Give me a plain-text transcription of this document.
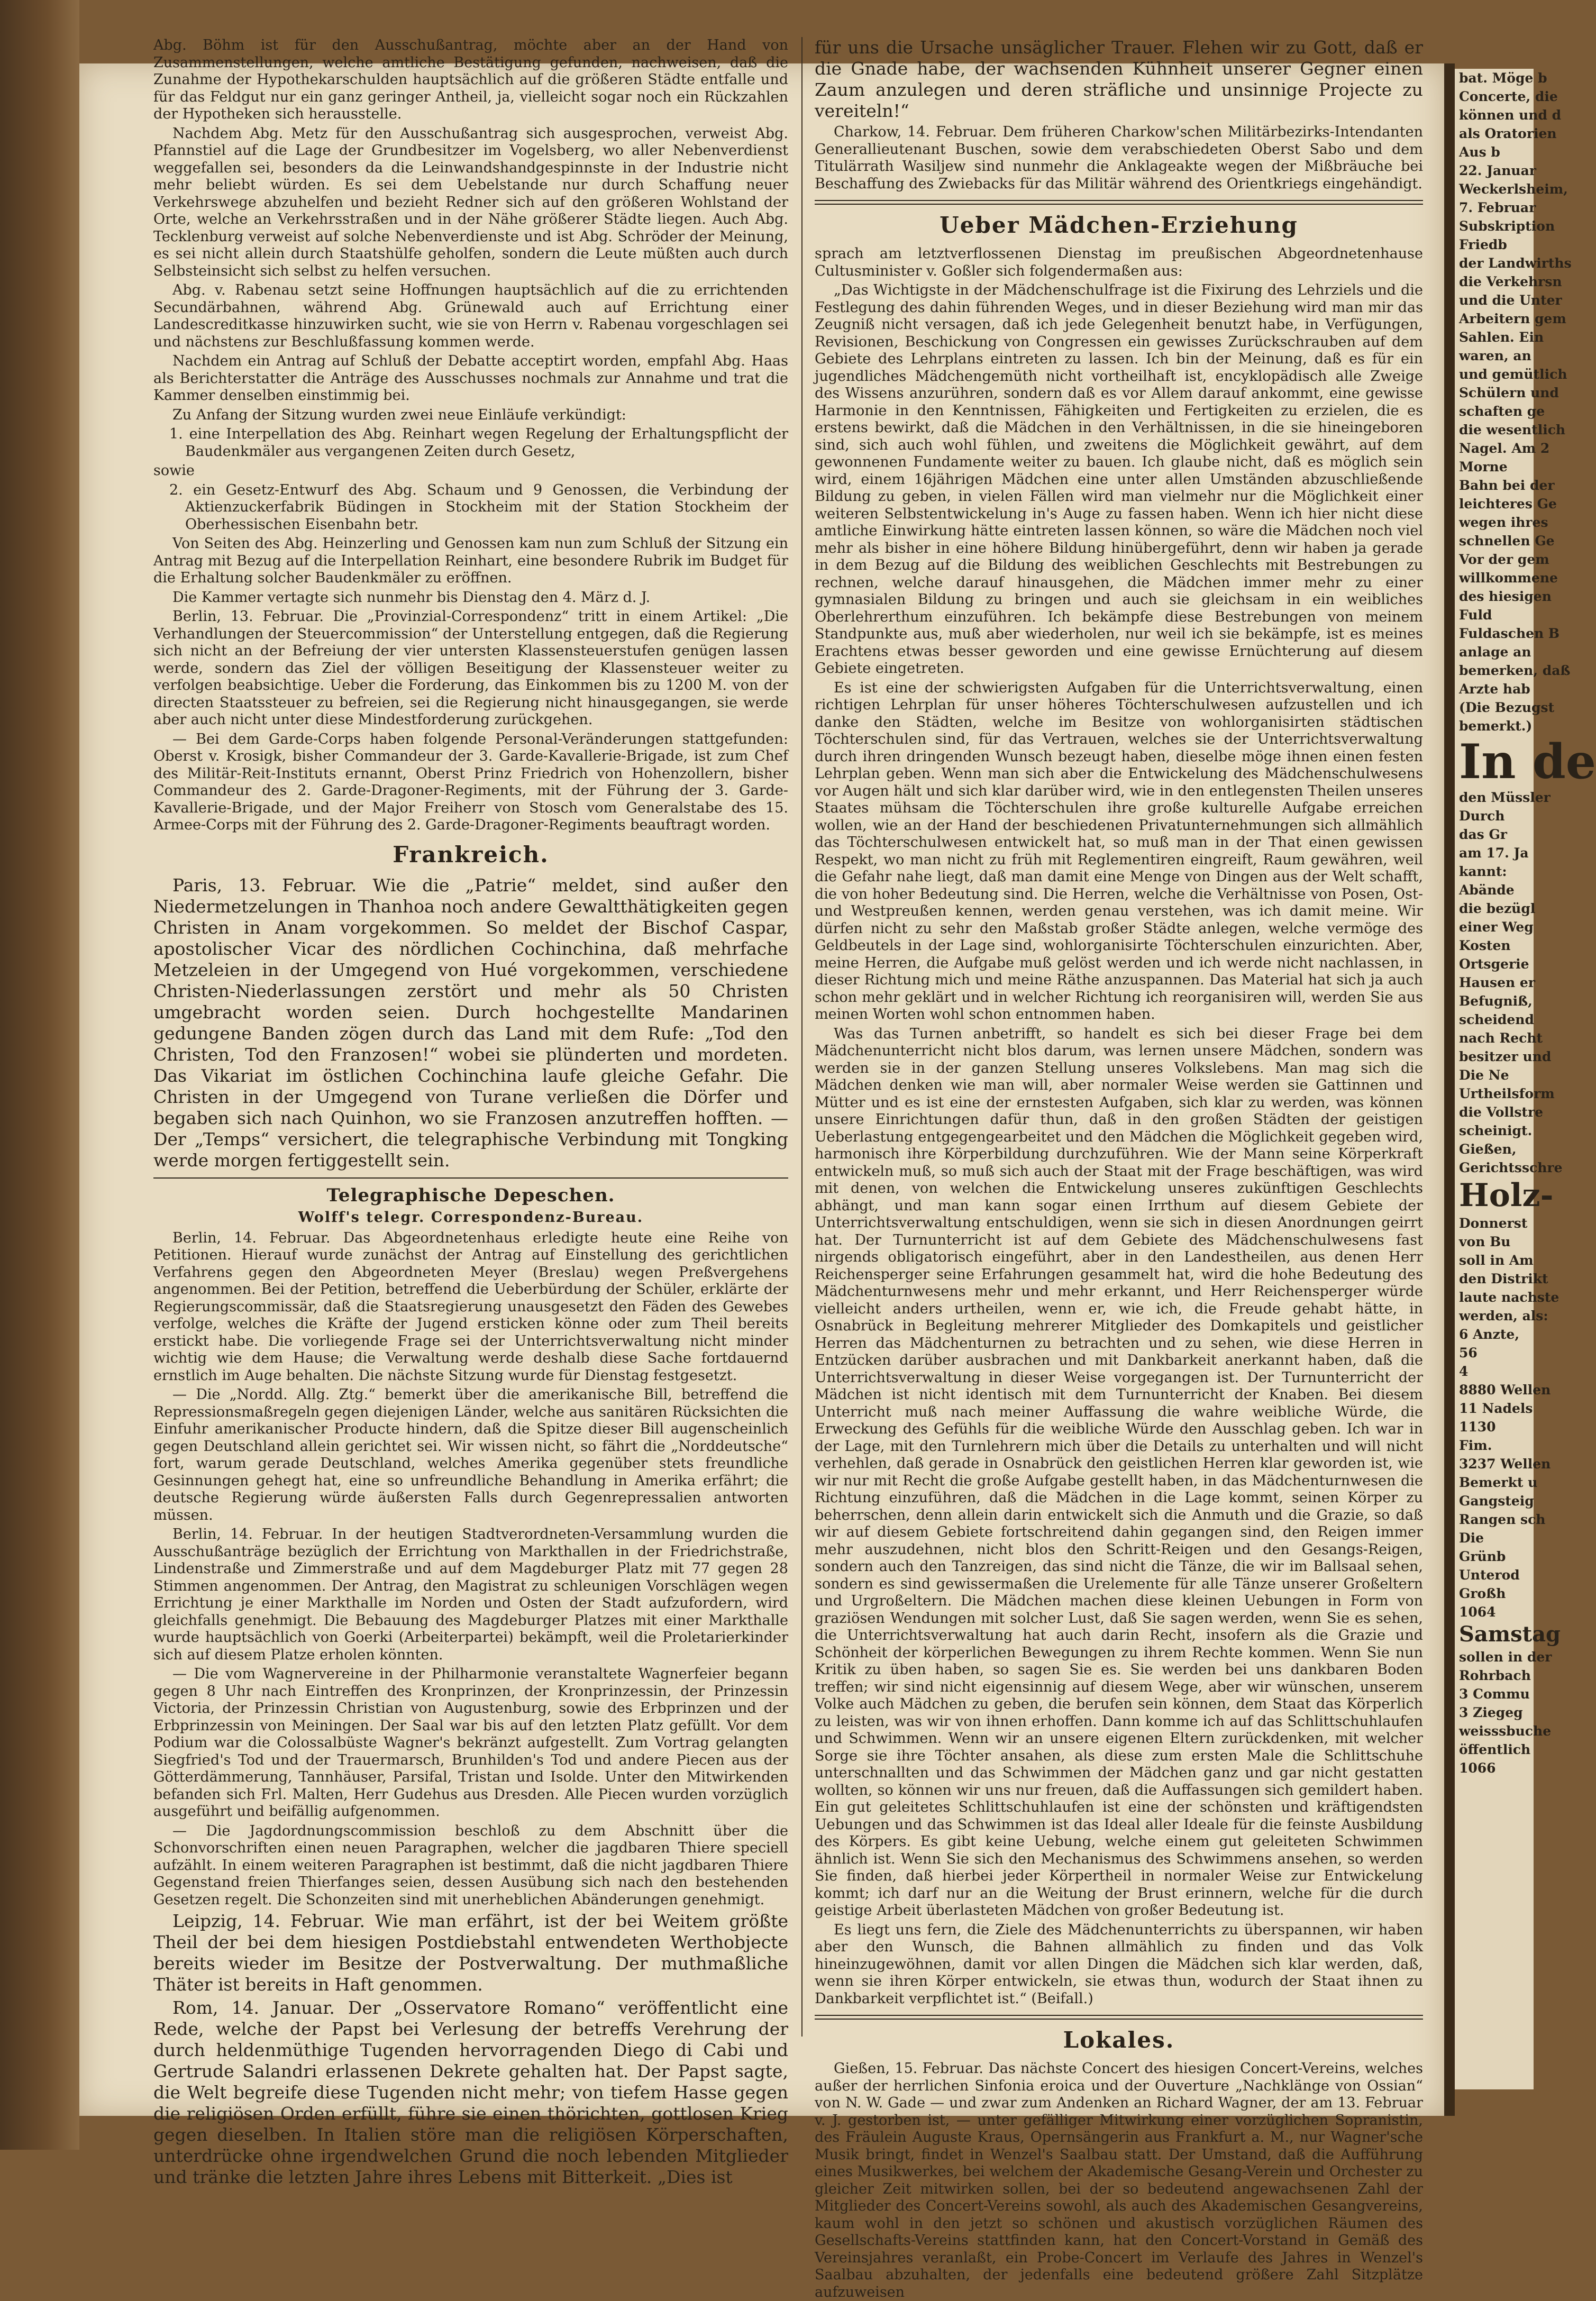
Abg. Böhm ist für den Ausschußantrag, möchte aber an der Hand von Zusammenstellungen, welche amtliche Bestätigung gefunden, nachweisen, daß die Zunahme der Hypothekarschulden hauptsächlich auf die größeren Städte entfalle und für das Feldgut nur ein ganz geringer Antheil, ja, vielleicht sogar noch ein Rückzahlen der Hypotheken sich herausstelle.

Nachdem Abg. Metz für den Ausschußantrag sich ausgesprochen, verweist Abg. Pfannstiel auf die Lage der Grundbesitzer im Vogelsberg, wo aller Nebenverdienst weggefallen sei, besonders da die Leinwandshandgespinnste in der Industrie nicht mehr beliebt würden. Es sei dem Uebelstande nur durch Schaffung neuer Verkehrswege abzuhelfen und bezieht Redner sich auf den größeren Wohlstand der Orte, welche an Verkehrsstraßen und in der Nähe größerer Städte liegen. Auch Abg. Tecklenburg verweist auf solche Nebenverdienste und ist Abg. Schröder der Meinung, es sei nicht allein durch Staatshülfe geholfen, sondern die Leute müßten auch durch Selbsteinsicht sich selbst zu helfen versuchen.

Abg. v. Rabenau setzt seine Hoffnungen hauptsächlich auf die zu errichtenden Secundärbahnen, während Abg. Grünewald auch auf Errichtung einer Landescreditkasse hinzuwirken sucht, wie sie von Herrn v. Rabenau vorgeschlagen sei und nächstens zur Beschlußfassung kommen werde.

Nachdem ein Antrag auf Schluß der Debatte acceptirt worden, empfahl Abg. Haas als Berichterstatter die Anträge des Ausschusses nochmals zur Annahme und trat die Kammer denselben einstimmig bei.

Zu Anfang der Sitzung wurden zwei neue Einläufe verkündigt:

1. eine Interpellation des Abg. Reinhart wegen Regelung der Erhaltungspflicht der Baudenkmäler aus vergangenen Zeiten durch Gesetz,

sowie

2. ein Gesetz-Entwurf des Abg. Schaum und 9 Genossen, die Verbindung der Aktienzuckerfabrik Büdingen in Stockheim mit der Station Stockheim der Oberhessischen Eisenbahn betr.

Von Seiten des Abg. Heinzerling und Genossen kam nun zum Schluß der Sitzung ein Antrag mit Bezug auf die Interpellation Reinhart, eine besondere Rubrik im Budget für die Erhaltung solcher Baudenkmäler zu eröffnen.

Die Kammer vertagte sich nunmehr bis Dienstag den 4. März d. J.

Berlin, 13. Februar. Die „Provinzial-Correspondenz“ tritt in einem Artikel: „Die Verhandlungen der Steuercommission“ der Unterstellung entgegen, daß die Regierung sich nicht an der Befreiung der vier untersten Klassensteuerstufen genügen lassen werde, sondern das Ziel der völligen Beseitigung der Klassensteuer weiter zu verfolgen beabsichtige. Ueber die Forderung, das Einkommen bis zu 1200 M. von der directen Staatssteuer zu befreien, sei die Regierung nicht hinausgegangen, sie werde aber auch nicht unter diese Mindestforderung zurückgehen.

— Bei dem Garde-Corps haben folgende Personal-Veränderungen stattgefunden: Oberst v. Krosigk, bisher Commandeur der 3. Garde-Kavallerie-Brigade, ist zum Chef des Militär-Reit-Instituts ernannt, Oberst Prinz Friedrich von Hohenzollern, bisher Commandeur des 2. Garde-Dragoner-Regiments, mit der Führung der 3. Garde-Kavallerie-Brigade, und der Major Freiherr von Stosch vom Generalstabe des 15. Armee-Corps mit der Führung des 2. Garde-Dragoner-Regiments beauftragt worden.

Frankreich.

Paris, 13. Februar. Wie die „Patrie“ meldet, sind außer den Niedermetzelungen in Thanhoa noch andere Gewaltthätigkeiten gegen Christen in Anam vorgekommen. So meldet der Bischof Caspar, apostolischer Vicar des nördlichen Cochinchina, daß mehrfache Metzeleien in der Umgegend von Hué vorgekommen, verschiedene Christen-Niederlassungen zerstört und mehr als 50 Christen umgebracht worden seien. Durch hochgestellte Mandarinen gedungene Banden zögen durch das Land mit dem Rufe: „Tod den Christen, Tod den Franzosen!“ wobei sie plünderten und mordeten. Das Vikariat im östlichen Cochinchina laufe gleiche Gefahr. Die Christen in der Umgegend von Turane verließen die Dörfer und begaben sich nach Quinhon, wo sie Franzosen anzutreffen hofften. — Der „Temps“ versichert, die telegraphische Verbindung mit Tongking werde morgen fertiggestellt sein.

Telegraphische Depeschen.
Wolff's telegr. Correspondenz-Bureau.

Berlin, 14. Februar. Das Abgeordnetenhaus erledigte heute eine Reihe von Petitionen. Hierauf wurde zunächst der Antrag auf Einstellung des gerichtlichen Verfahrens gegen den Abgeordneten Meyer (Breslau) wegen Preßvergehens angenommen. Bei der Petition, betreffend die Ueberbürdung der Schüler, erklärte der Regierungscommissär, daß die Staatsregierung unausgesetzt den Fäden des Gewebes verfolge, welches die Kräfte der Jugend ersticken könne oder zum Theil bereits erstickt habe. Die vorliegende Frage sei der Unterrichtsverwaltung nicht minder wichtig wie dem Hause; die Verwaltung werde deshalb diese Sache fortdauernd ernstlich im Auge behalten. Die nächste Sitzung wurde für Dienstag festgesetzt.

— Die „Nordd. Allg. Ztg.“ bemerkt über die amerikanische Bill, betreffend die Repressionsmaßregeln gegen diejenigen Länder, welche aus sanitären Rücksichten die Einfuhr amerikanischer Producte hindern, daß die Spitze dieser Bill augenscheinlich gegen Deutschland allein gerichtet sei. Wir wissen nicht, so fährt die „Norddeutsche“ fort, warum gerade Deutschland, welches Amerika gegenüber stets freundliche Gesinnungen gehegt hat, eine so unfreundliche Behandlung in Amerika erfährt; die deutsche Regierung würde äußersten Falls durch Gegenrepressalien antworten müssen.

Berlin, 14. Februar. In der heutigen Stadtverordneten-Versammlung wurden die Ausschußanträge bezüglich der Errichtung von Markthallen in der Friedrichstraße, Lindenstraße und Zimmerstraße und auf dem Magdeburger Platz mit 77 gegen 28 Stimmen angenommen. Der Antrag, den Magistrat zu schleunigen Vorschlägen wegen Errichtung je einer Markthalle im Norden und Osten der Stadt aufzufordern, wird gleichfalls genehmigt. Die Bebauung des Magdeburger Platzes mit einer Markthalle wurde hauptsächlich von Goerki (Arbeiterpartei) bekämpft, weil die Proletarierkinder sich auf diesem Platze erholen könnten.

— Die vom Wagnervereine in der Philharmonie veranstaltete Wagnerfeier begann gegen 8 Uhr nach Eintreffen des Kronprinzen, der Kronprinzessin, der Prinzessin Victoria, der Prinzessin Christian von Augustenburg, sowie des Erbprinzen und der Erbprinzessin von Meiningen. Der Saal war bis auf den letzten Platz gefüllt. Vor dem Podium war die Colossalbüste Wagner's bekränzt aufgestellt. Zum Vortrag gelangten Siegfried's Tod und der Trauermarsch, Brunhilden's Tod und andere Piecen aus der Götterdämmerung, Tannhäuser, Parsifal, Tristan und Isolde. Unter den Mitwirkenden befanden sich Frl. Malten, Herr Gudehus aus Dresden. Alle Piecen wurden vorzüglich ausgeführt und beifällig aufgenommen.

— Die Jagdordnungscommission beschloß zu dem Abschnitt über die Schonvorschriften einen neuen Paragraphen, welcher die jagdbaren Thiere speciell aufzählt. In einem weiteren Paragraphen ist bestimmt, daß die nicht jagdbaren Thiere Gegenstand freien Thierfanges seien, dessen Ausübung sich nach den bestehenden Gesetzen regelt. Die Schonzeiten sind mit unerheblichen Abänderungen genehmigt.

Leipzig, 14. Februar. Wie man erfährt, ist der bei Weitem größte Theil der bei dem hiesigen Postdiebstahl entwendeten Werthobjecte bereits wieder im Besitze der Postverwaltung. Der muthmaßliche Thäter ist bereits in Haft genommen.

Rom, 14. Januar. Der „Osservatore Romano“ veröffentlicht eine Rede, welche der Papst bei Verlesung der betreffs Verehrung der durch heldenmüthige Tugenden hervorragenden Diego di Cabi und Gertrude Salandri erlassenen Dekrete gehalten hat. Der Papst sagte, die Welt begreife diese Tugenden nicht mehr; von tiefem Hasse gegen die religiösen Orden erfüllt, führe sie einen thörichten, gottlosen Krieg gegen dieselben. In Italien störe man die religiösen Körperschaften, unterdrücke ohne irgendwelchen Grund die noch lebenden Mitglieder und tränke die letzten Jahre ihres Lebens mit Bitterkeit. „Dies ist

für uns die Ursache unsäglicher Trauer. Flehen wir zu Gott, daß er die Gnade habe, der wachsenden Kühnheit unserer Gegner einen Zaum anzulegen und deren sträfliche und unsinnige Projecte zu vereiteln!“

Charkow, 14. Februar. Dem früheren Charkow'schen Militärbezirks-Intendanten Generallieutenant Buschen, sowie dem verabschiedeten Oberst Sabo und dem Titulärrath Wasiljew sind nunmehr die Anklageakte wegen der Mißbräuche bei Beschaffung des Zwiebacks für das Militär während des Orientkriegs eingehändigt.

Ueber Mädchen-Erziehung

sprach am letztverflossenen Dienstag im preußischen Abgeordnetenhause Cultusminister v. Goßler sich folgendermaßen aus:

„Das Wichtigste in der Mädchenschulfrage ist die Fixirung des Lehrziels und die Festlegung des dahin führenden Weges, und in dieser Beziehung wird man mir das Zeugniß nicht versagen, daß ich jede Gelegenheit benutzt habe, in Verfügungen, Revisionen, Beschickung von Congressen ein gewisses Zurückschrauben auf dem Gebiete des Lehrplans eintreten zu lassen. Ich bin der Meinung, daß es für ein jugendliches Mädchengemüth nicht vortheilhaft ist, encyklopädisch alle Zweige des Wissens anzurühren, sondern daß es vor Allem darauf ankommt, eine gewisse Harmonie in den Kenntnissen, Fähigkeiten und Fertigkeiten zu erzielen, die es erstens bewirkt, daß die Mädchen in den Verhältnissen, in die sie hineingeboren sind, sich auch wohl fühlen, und zweitens die Möglichkeit gewährt, auf dem gewonnenen Fundamente weiter zu bauen. Ich glaube nicht, daß es möglich sein wird, einem 16jährigen Mädchen eine unter allen Umständen abzuschließende Bildung zu geben, in vielen Fällen wird man vielmehr nur die Möglichkeit einer weiteren Selbstentwickelung in's Auge zu fassen haben. Wenn ich hier nicht diese amtliche Einwirkung hätte eintreten lassen können, so wäre die Mädchen noch viel mehr als bisher in eine höhere Bildung hinübergeführt, denn wir haben ja gerade in dem Bezug auf die Bildung des weiblichen Geschlechts mit Bestrebungen zu rechnen, welche darauf hinausgehen, die Mädchen immer mehr zu einer gymnasialen Bildung zu bringen und auch sie gleichsam in ein weibliches Oberlehrerthum einzuführen. Ich bekämpfe diese Bestrebungen von meinem Standpunkte aus, muß aber wiederholen, nur weil ich sie bekämpfe, ist es meines Erachtens etwas besser geworden und eine gewisse Ernüchterung auf diesem Gebiete eingetreten.

Es ist eine der schwierigsten Aufgaben für die Unterrichtsverwaltung, einen richtigen Lehrplan für unser höheres Töchterschulwesen aufzustellen und ich danke den Städten, welche im Besitze von wohlorganisirten städtischen Töchterschulen sind, für das Vertrauen, welches sie der Unterrichtsverwaltung durch ihren dringenden Wunsch bezeugt haben, dieselbe möge ihnen einen festen Lehrplan geben. Wenn man sich aber die Entwickelung des Mädchenschulwesens vor Augen hält und sich klar darüber wird, wie in den entlegensten Theilen unseres Staates mühsam die Töchterschulen ihre große kulturelle Aufgabe erreichen wollen, wie an der Hand der beschiedenen Privatunternehmungen sich allmählich das Töchterschulwesen entwickelt hat, so muß man in der That einen gewissen Respekt, wo man nicht zu früh mit Reglementiren eingreift, Raum gewähren, weil die Gefahr nahe liegt, daß man damit eine Menge von Dingen aus der Welt schafft, die von hoher Bedeutung sind. Die Herren, welche die Verhältnisse von Posen, Ost- und Westpreußen kennen, werden genau verstehen, was ich damit meine. Wir dürfen nicht zu sehr den Maßstab großer Städte anlegen, welche vermöge des Geldbeutels in der Lage sind, wohlorganisirte Töchterschulen einzurichten. Aber, meine Herren, die Aufgabe muß gelöst werden und ich werde nicht nachlassen, in dieser Richtung mich und meine Räthe anzuspannen. Das Material hat sich ja auch schon mehr geklärt und in welcher Richtung ich reorganisiren will, werden Sie aus meinen Worten wohl schon entnommen haben.

Was das Turnen anbetrifft, so handelt es sich bei dieser Frage bei dem Mädchenunterricht nicht blos darum, was lernen unsere Mädchen, sondern was werden sie in der ganzen Stellung unseres Volkslebens. Man mag sich die Mädchen denken wie man will, aber normaler Weise werden sie Gattinnen und Mütter und es ist eine der ernstesten Aufgaben, sich klar zu werden, was können unsere Einrichtungen dafür thun, daß in den großen Städten der geistigen Ueberlastung entgegengearbeitet und den Mädchen die Möglichkeit gegeben wird, harmonisch ihre Körperbildung durchzuführen. Wie der Mann seine Körperkraft entwickeln muß, so muß sich auch der Staat mit der Frage beschäftigen, was wird mit denen, von welchen die Entwickelung unseres zukünftigen Geschlechts abhängt, und man kann sogar einen Irrthum auf diesem Gebiete der Unterrichtsverwaltung entschuldigen, wenn sie sich in diesen Anordnungen geirrt hat. Der Turnunterricht ist auf dem Gebiete des Mädchenschulwesens fast nirgends obligatorisch eingeführt, aber in den Landestheilen, aus denen Herr Reichensperger seine Erfahrungen gesammelt hat, wird die hohe Bedeutung des Mädchenturnwesens mehr und mehr erkannt, und Herr Reichensperger würde vielleicht anders urtheilen, wenn er, wie ich, die Freude gehabt hätte, in Osnabrück in Begleitung mehrerer Mitglieder des Domkapitels und geistlicher Herren das Mädchenturnen zu betrachten und zu sehen, wie diese Herren in Entzücken darüber ausbrachen und mit Dankbarkeit anerkannt haben, daß die Unterrichtsverwaltung in dieser Weise vorgegangen ist. Der Turnunterricht der Mädchen ist nicht identisch mit dem Turnunterricht der Knaben. Bei diesem Unterricht muß nach meiner Auffassung die wahre weibliche Würde, die Erweckung des Gefühls für die weibliche Würde den Ausschlag geben. Ich war in der Lage, mit den Turnlehrern mich über die Details zu unterhalten und will nicht verhehlen, daß gerade in Osnabrück den geistlichen Herren klar geworden ist, wie wir nur mit Recht die große Aufgabe gestellt haben, in das Mädchenturnwesen die Richtung einzuführen, daß die Mädchen in die Lage kommt, seinen Körper zu beherrschen, denn allein darin entwickelt sich die Anmuth und die Grazie, so daß wir auf diesem Gebiete fortschreitend dahin gegangen sind, den Reigen immer mehr auszudehnen, nicht blos den Schritt-Reigen und den Gesangs-Reigen, sondern auch den Tanzreigen, das sind nicht die Tänze, die wir im Ballsaal sehen, sondern es sind gewissermaßen die Urelemente für alle Tänze unserer Großeltern und Urgroßeltern. Die Mädchen machen diese kleinen Uebungen in Form von graziösen Wendungen mit solcher Lust, daß Sie sagen werden, wenn Sie es sehen, die Unterrichtsverwaltung hat auch darin Recht, insofern als die Grazie und Schönheit der körperlichen Bewegungen zu ihrem Rechte kommen. Wenn Sie nun Kritik zu üben haben, so sagen Sie es. Sie werden bei uns dankbaren Boden treffen; wir sind nicht eigensinnig auf diesem Wege, aber wir wünschen, unserem Volke auch Mädchen zu geben, die berufen sein können, dem Staat das Körperlich zu leisten, was wir von ihnen erhoffen. Dann komme ich auf das Schlittschuhlaufen und Schwimmen. Wenn wir an unsere eigenen Eltern zurückdenken, mit welcher Sorge sie ihre Töchter ansahen, als diese zum ersten Male die Schlittschuhe unterschnallten und das Schwimmen der Mädchen ganz und gar nicht gestatten wollten, so können wir uns nur freuen, daß die Auffassungen sich gemildert haben. Ein gut geleitetes Schlittschuhlaufen ist eine der schönsten und kräftigendsten Uebungen und das Schwimmen ist das Ideal aller Ideale für die feinste Ausbildung des Körpers. Es gibt keine Uebung, welche einem gut geleiteten Schwimmen ähnlich ist. Wenn Sie sich den Mechanismus des Schwimmens ansehen, so werden Sie finden, daß hierbei jeder Körpertheil in normaler Weise zur Entwickelung kommt; ich darf nur an die Weitung der Brust erinnern, welche für die durch geistige Arbeit überlasteten Mädchen von großer Bedeutung ist.

Es liegt uns fern, die Ziele des Mädchenunterrichts zu überspannen, wir haben aber den Wunsch, die Bahnen allmählich zu finden und das Volk hineinzugewöhnen, damit vor allen Dingen die Mädchen sich klar werden, daß, wenn sie ihren Körper entwickeln, sie etwas thun, wodurch der Staat ihnen zu Dankbarkeit verpflichtet ist.“ (Beifall.)

Lokales.

Gießen, 15. Februar. Das nächste Concert des hiesigen Concert-Vereins, welches außer der herrlichen Sinfonia eroica und der Ouverture „Nachklänge von Ossian“ von N. W. Gade — und zwar zum Andenken an Richard Wagner, der am 13. Februar v. J. gestorben ist, — unter gefälliger Mitwirkung einer vorzüglichen Sopranistin, des Fräulein Auguste Kraus, Opernsängerin aus Frankfurt a. M., nur Wagner'sche Musik bringt, findet in Wenzel's Saalbau statt. Der Umstand, daß die Aufführung eines Musikwerkes, bei welchem der Akademische Gesang-Verein und Orchester zu gleicher Zeit mitwirken sollen, bei der so bedeutend angewachsenen Zahl der Mitglieder des Concert-Vereins sowohl, als auch des Akademischen Gesangvereins, kaum wohl in den jetzt so schönen und akustisch vorzüglichen Räumen des Gesellschafts-Vereins stattfinden kann, hat den Concert-Vorstand in Gemäß des Vereinsjahres veranlaßt, ein Probe-Concert im Verlaufe des Jahres in Wenzel's Saalbau abzuhalten, der jedenfalls eine bedeutend größere Zahl Sitzplätze aufzuweisen

bat. Möge b
Concerte, die
können und d
als Oratorien
Aus b
22. Januar
Weckerlsheim,
7. Februar
Subskription
Friedb
der Landwirths
die Verkehrsn
und die Unter
Arbeitern gem
Sahlen. Ein
waren, an
und gemütlich
Schülern und
schaften ge
die wesentlich
Nagel. Am 2
Morne
Bahn bei der
leichteres Ge
wegen ihres
schnellen Ge
Vor der gem
willkommene
des hiesigen
Fuld
Fuldaschen B
anlage an
bemerken, daß
Arzte hab
(Die Bezugst
bemerkt.)
In de
den Müssler
Durch
das Gr
am 17. Ja
kannt:
Abände
die bezügl
einer Weg
Kosten
Ortsgerie
Hausen er
Befugniß,
scheidend
nach Recht
besitzer und
Die Ne
Urtheilsform
die Vollstre
scheinigt.
Gießen,
Gerichtsschre
Holz-
Donnerst
von Bu
soll in Am
den Distrikt
laute nachste
werden, als:
6 Anzte,
56
4
8880 Wellen
11 Nadels
1130
Fim.
3237 Wellen
Bemerkt u
Gangsteig
Rangen sch
Die
Grünb
Unterod
Großh
1064
Samstag
sollen in der
Rohrbach
3 Commu
3 Ziegeg
weisssbuche
öffentlich
1066
